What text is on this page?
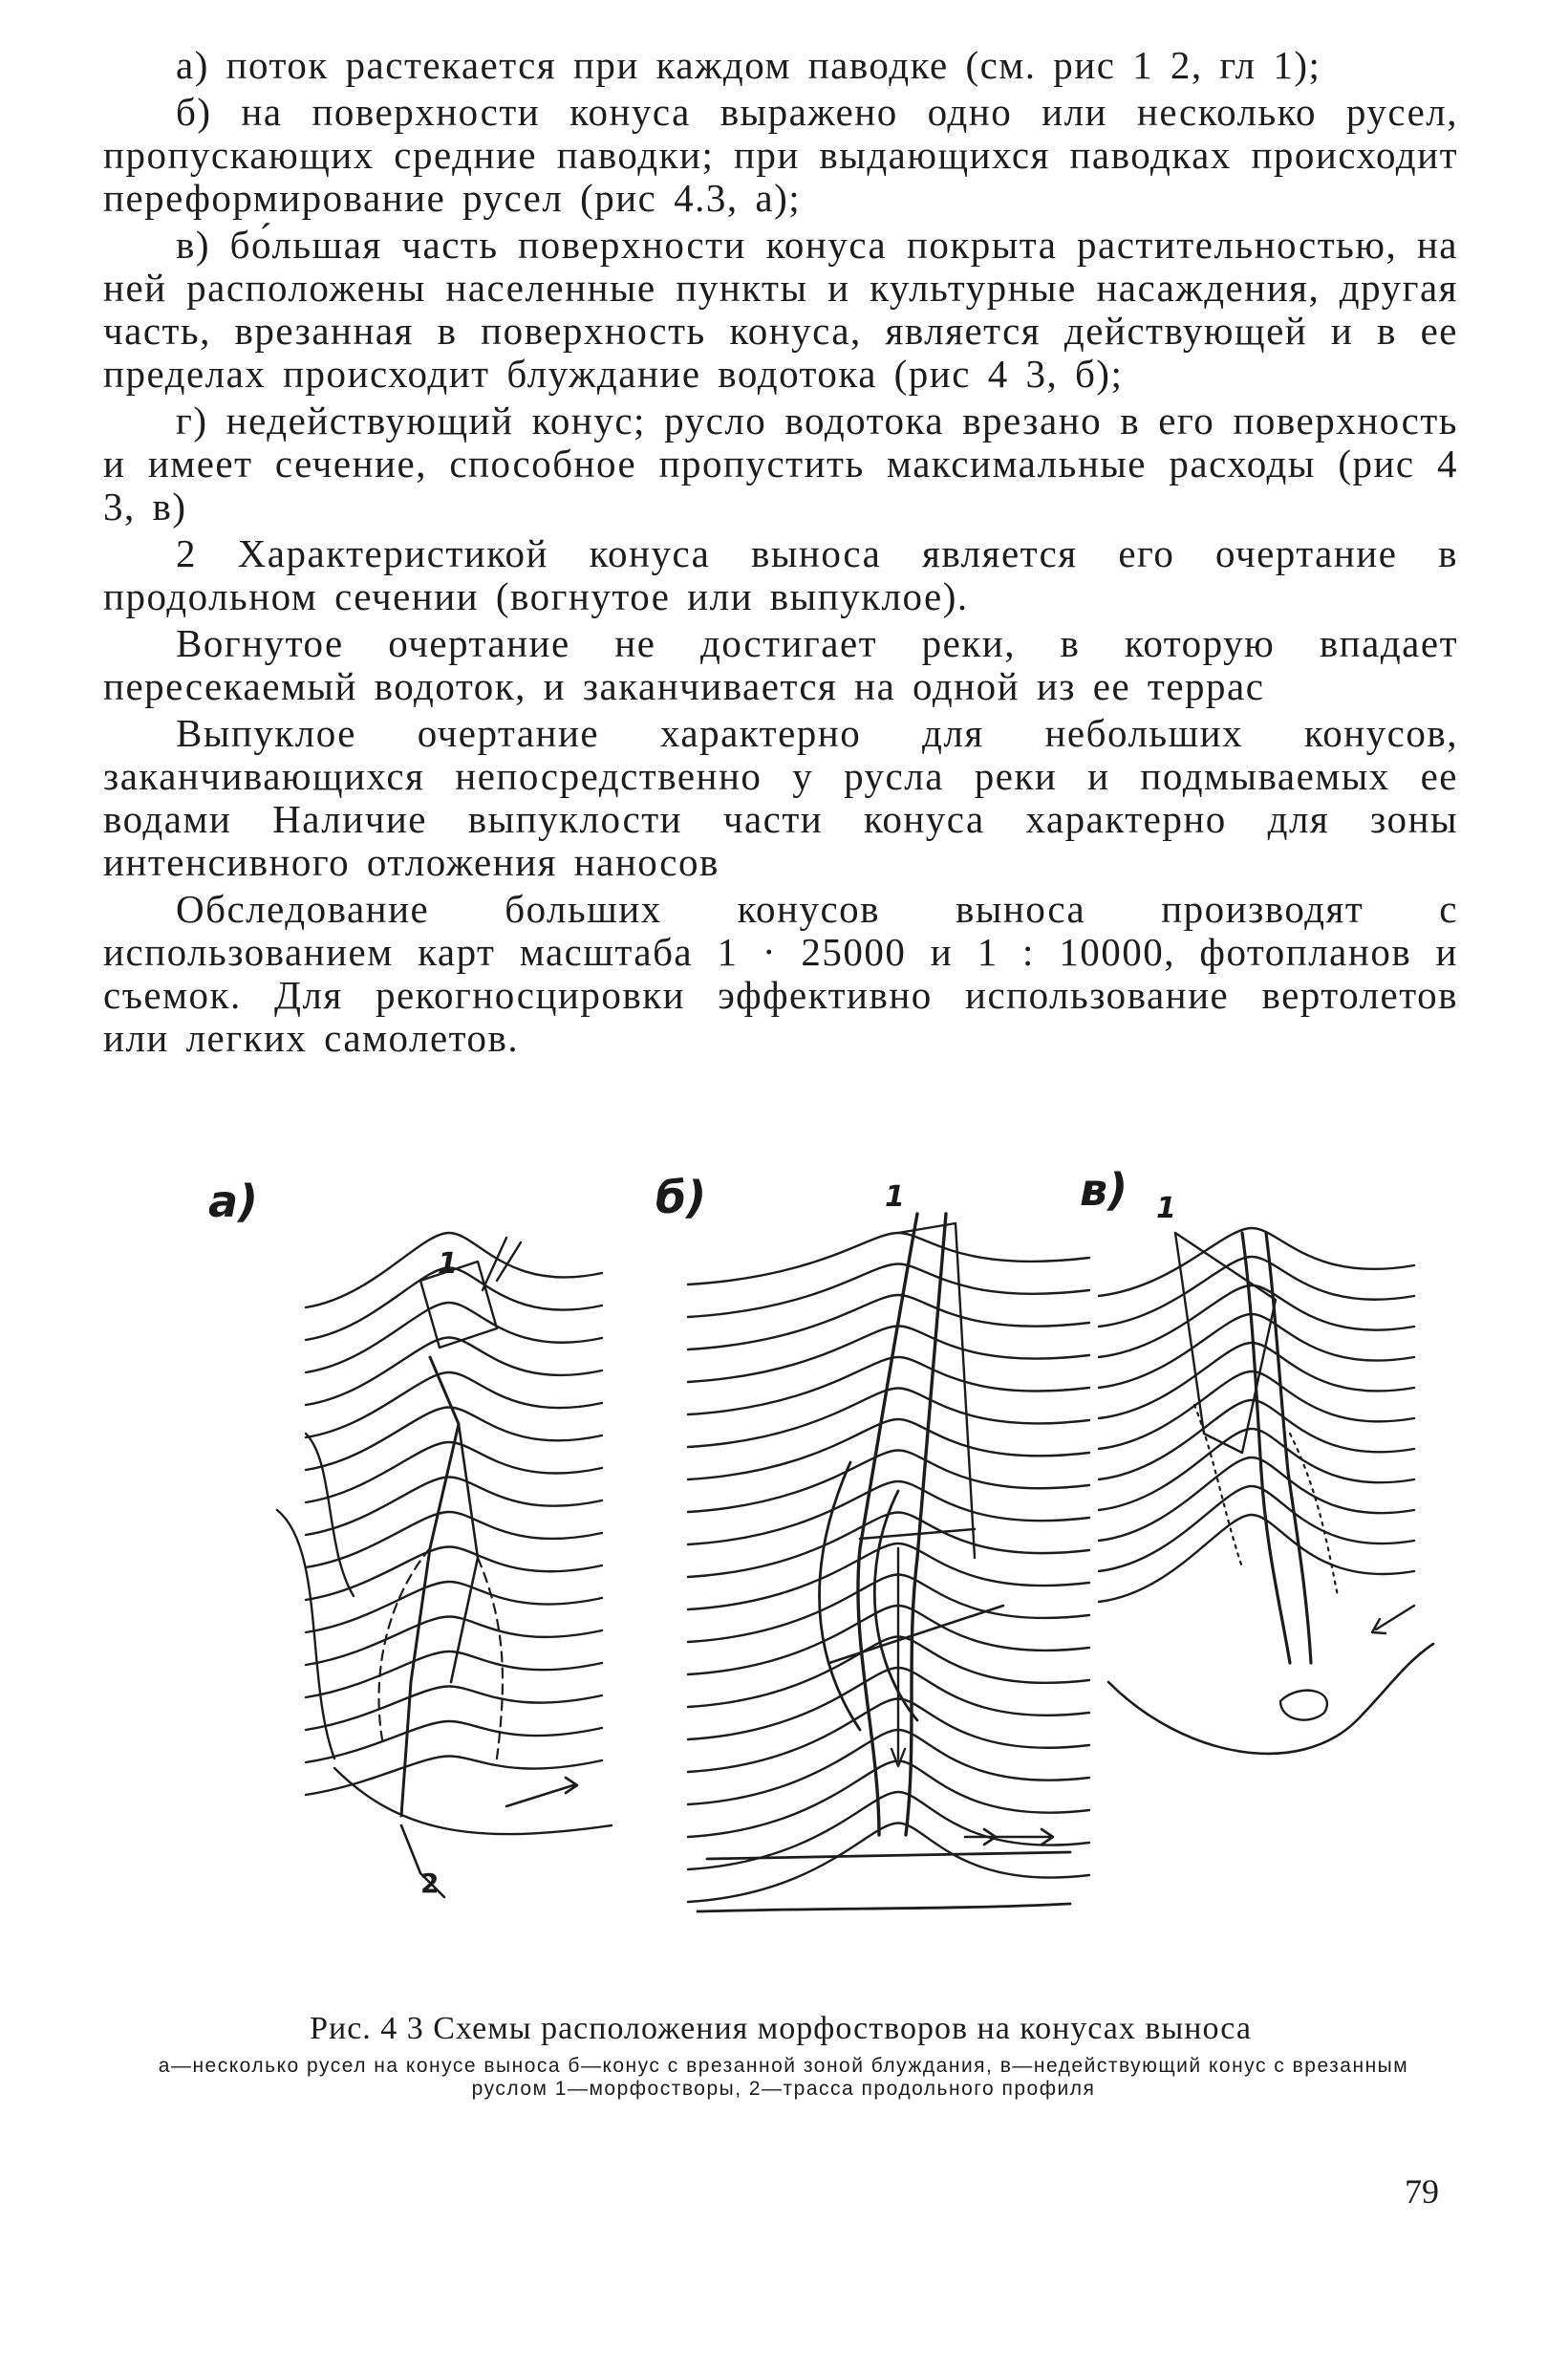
а) поток растекается при каждом паводке (см. рис 1 2, гл 1);

б) на поверхности конуса выражено одно или несколько русел, пропускающих средние паводки; при выдающихся паводках происходит переформирование русел (рис 4.3, а);

в) бо́льшая часть поверхности конуса покрыта растительностью, на ней расположены населенные пункты и культурные насаждения, другая часть, врезанная в поверхность конуса, является действующей и в ее пределах происходит блуждание водотока (рис 4 3, б);

г) недействующий конус; русло водотока врезано в его поверхность и имеет сечение, способное пропустить максимальные расходы (рис 4 3, в)

2 Характеристикой конуса выноса является его очертание в продольном сечении (вогнутое или выпуклое).

Вогнутое очертание не достигает реки, в которую впадает пересекаемый водоток, и заканчивается на одной из ее террас

Выпуклое очертание характерно для небольших конусов, заканчивающихся непосредственно у русла реки и подмываемых ее водами Наличие выпуклости части конуса характерно для зоны интенсивного отложения наносов

Обследование больших конусов выноса производят с использованием карт масштаба 1 · 25000 и 1 : 10000, фотопланов и съемок. Для рекогносцировки эффективно использование вертолетов или легких самолетов.

1
2
1	1
а)	б)	в)
Рис. 4 3 Схемы расположения морфостворов на конусах выноса
а—несколько русел на конусе выноса б—конус с врезанной зоной блуждания, в—недействующий конус с врезанным руслом 1—морфостворы, 2—трасса продольного профиля
79
